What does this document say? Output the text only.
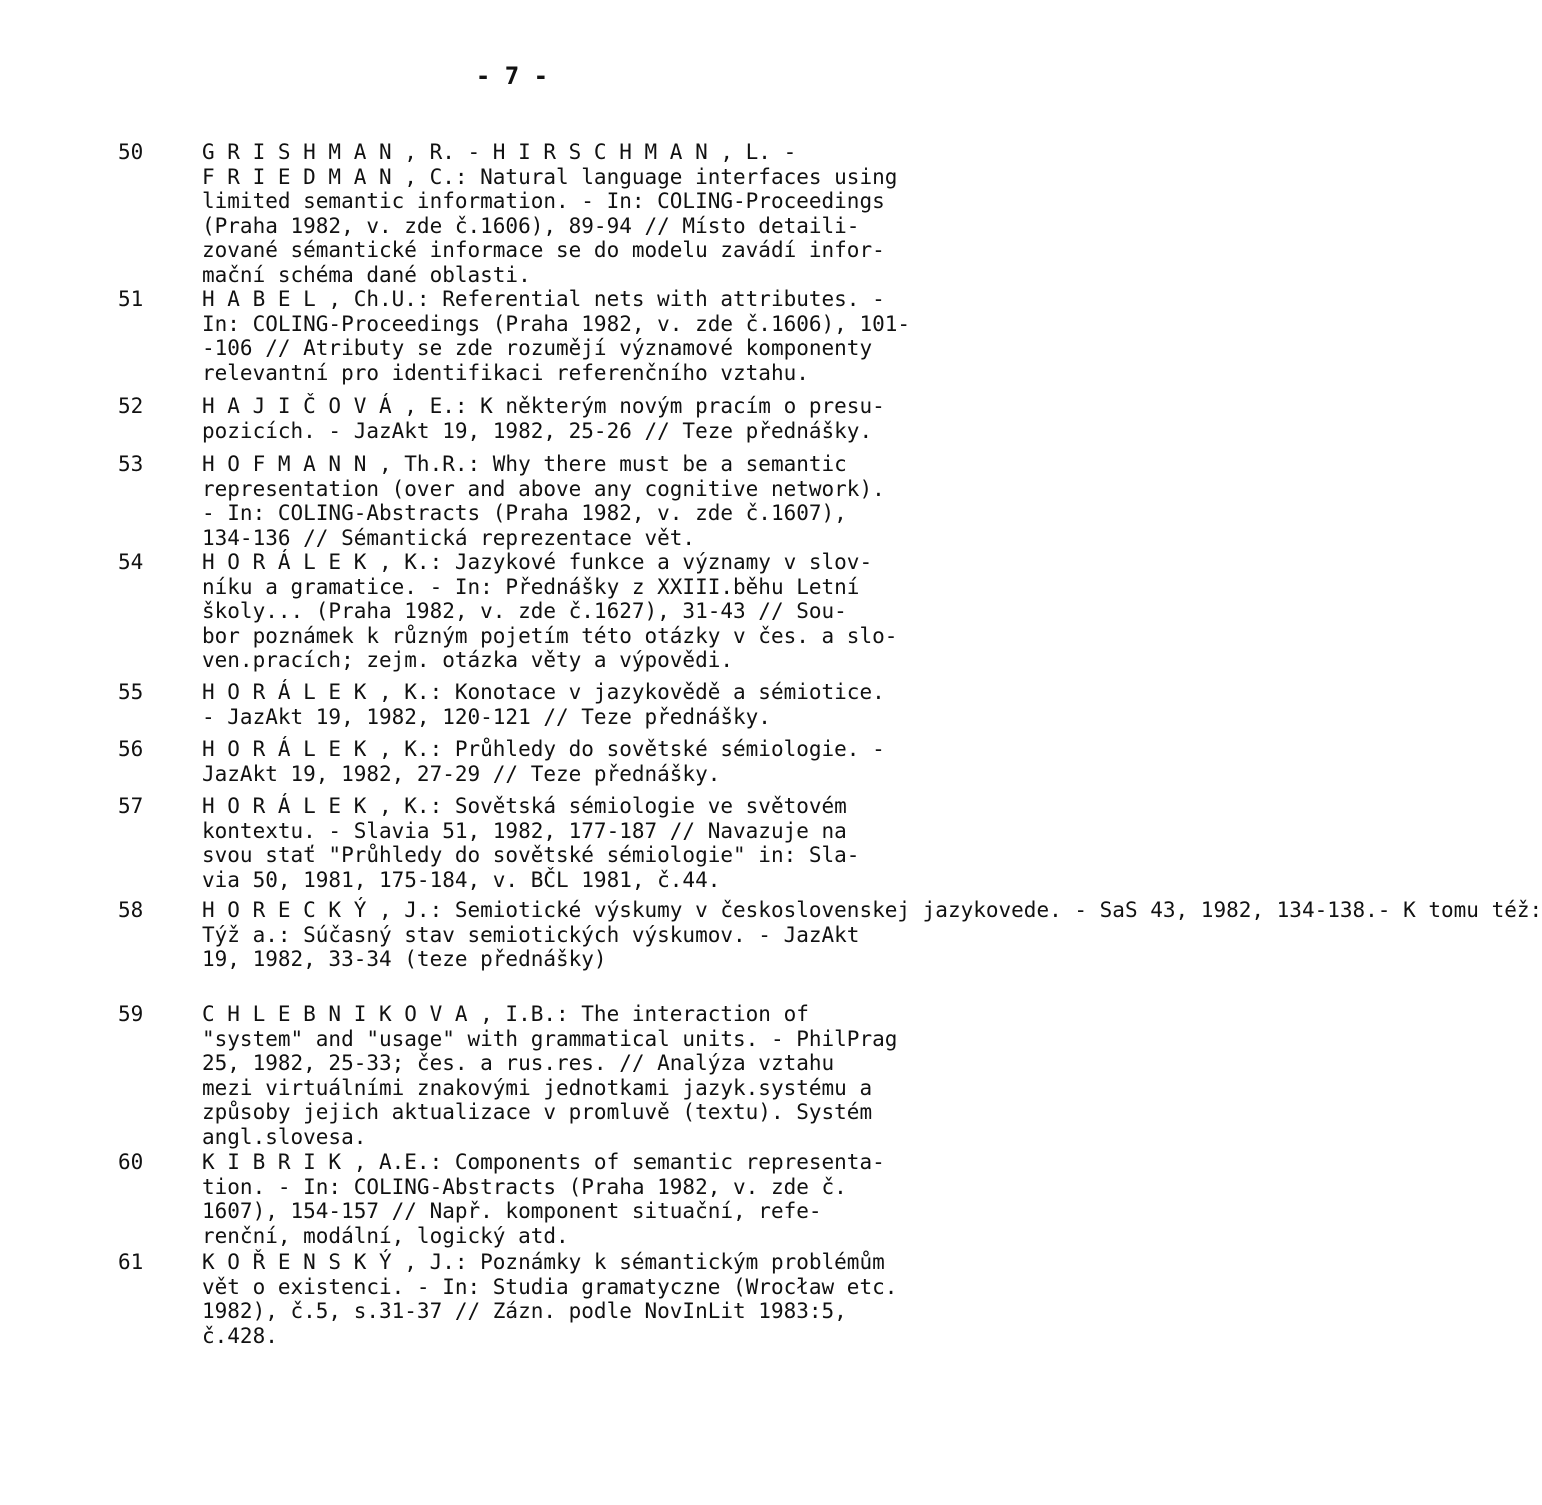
- 7 -
50	G R I S H M A N , R. - H I R S C H M A N , L. -
F R I E D M A N , C.: Natural language interfaces using
limited semantic information. - In: COLING-Proceedings
(Praha 1982, v. zde č.1606), 89-94 // Místo detaili-
zované sémantické informace se do modelu zavádí infor-
mační schéma dané oblasti.
51	H A B E L , Ch.U.: Referential nets with attributes. -
In: COLING-Proceedings (Praha 1982, v. zde č.1606), 101-
-106 // Atributy se zde rozumějí významové komponenty
relevantní pro identifikaci referenčního vztahu.
52	H A J I Č O V Á , E.: K některým novým pracím o presu-
pozicích. - JazAkt 19, 1982, 25-26 // Teze přednášky.
53	H O F M A N N , Th.R.: Why there must be a semantic
representation (over and above any cognitive network).
- In: COLING-Abstracts (Praha 1982, v. zde č.1607),
134-136 // Sémantická reprezentace vět.
54	H O R Á L E K , K.: Jazykové funkce a významy v slov-
níku a gramatice. - In: Přednášky z XXIII.běhu Letní
školy... (Praha 1982, v. zde č.1627), 31-43 // Sou-
bor poznámek k různým pojetím této otázky v čes. a slo-
ven.pracích; zejm. otázka věty a výpovědi.
55	H O R Á L E K , K.: Konotace v jazykovědě a sémiotice.
- JazAkt 19, 1982, 120-121 // Teze přednášky.
56	H O R Á L E K , K.: Průhledy do sovětské sémiologie. -
JazAkt 19, 1982, 27-29 // Teze přednášky.
57	H O R Á L E K , K.: Sovětská sémiologie ve světovém
kontextu. - Slavia 51, 1982, 177-187 // Navazuje na
svou stať "Průhledy do sovětské sémiologie" in: Sla-
via 50, 1981, 175-184, v. BČL 1981, č.44.
58	H O R E C K Ý , J.: Semiotické výskumy v československej jazykovede. - SaS 43, 1982, 134-138.- K tomu též:
Týž a.: Súčasný stav semiotických výskumov. - JazAkt
19, 1982, 33-34 (teze přednášky)
59	C H L E B N I K O V A , I.B.: The interaction of
"system" and "usage" with grammatical units. - PhilPrag
25, 1982, 25-33; čes. a rus.res. // Analýza vztahu
mezi virtuálními znakovými jednotkami jazyk.systému a
způsoby jejich aktualizace v promluvě (textu). Systém
angl.slovesa.
60	K I B R I K , A.E.: Components of semantic representa-
tion. - In: COLING-Abstracts (Praha 1982, v. zde č.
1607), 154-157 // Např. komponent situační, refe-
renční, modální, logický atd.
61	K O Ř E N S K Ý , J.: Poznámky k sémantickým problémům
vět o existenci. - In: Studia gramatyczne (Wrocław etc.
1982), č.5, s.31-37 // Zázn. podle NovInLit 1983:5,
č.428.
